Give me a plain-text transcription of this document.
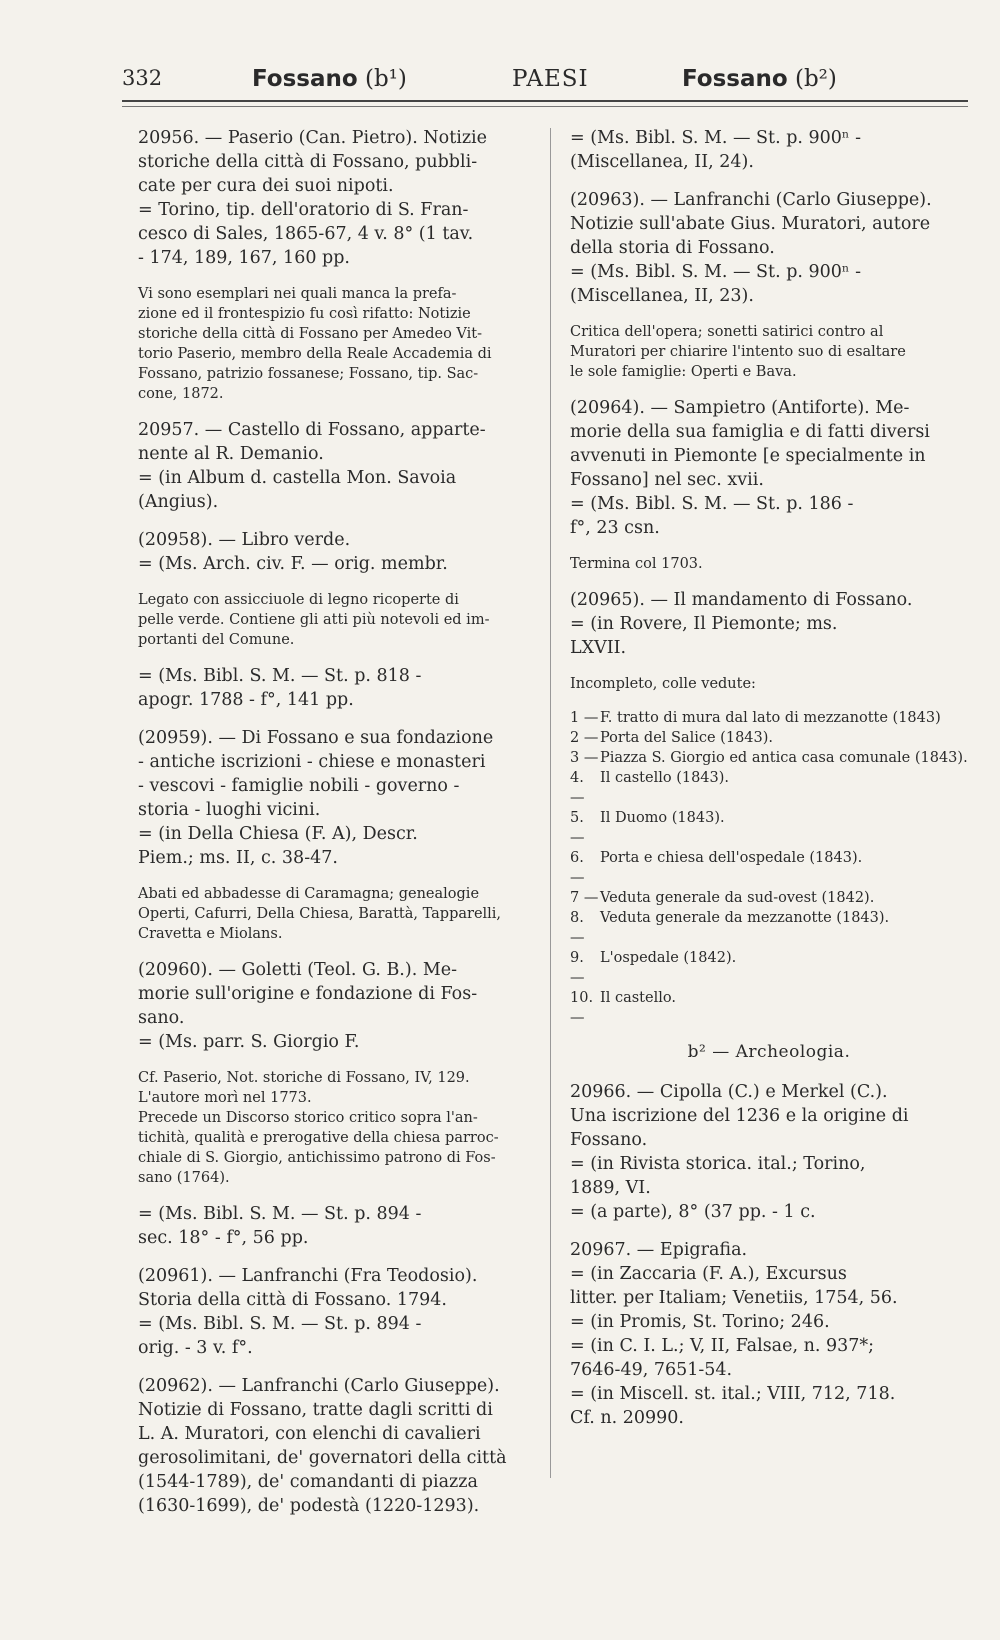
332	Fossano (b¹)	PAESI	Fossano (b²)
20956. — Paserio (Can. Pietro). Notizie
storiche della città di Fossano, pubbli-
cate per cura dei suoi nipoti.
= Torino, tip. dell'oratorio di S. Fran-
cesco di Sales, 1865-67, 4 v. 8° (1 tav.
- 174, 189, 167, 160 pp.
Vi sono esemplari nei quali manca la prefa-
zione ed il frontespizio fu così rifatto: Notizie
storiche della città di Fossano per Amedeo Vit-
torio Paserio, membro della Reale Accademia di
Fossano, patrizio fossanese; Fossano, tip. Sac-
cone, 1872.
20957. — Castello di Fossano, apparte-
nente al R. Demanio.
= (in Album d. castella Mon. Savoia
(Angius).
(20958). — Libro verde.
= (Ms. Arch. civ. F. — orig. membr.
Legato con assicciuole di legno ricoperte di
pelle verde. Contiene gli atti più notevoli ed im-
portanti del Comune.
= (Ms. Bibl. S. M. — St. p. 818 -
apogr. 1788 - f°, 141 pp.
(20959). — Di Fossano e sua fondazione
- antiche iscrizioni - chiese e monasteri
- vescovi - famiglie nobili - governo -
storia - luoghi vicini.
= (in Della Chiesa (F. A), Descr.
Piem.; ms. II, c. 38-47.
Abati ed abbadesse di Caramagna; genealogie
Operti, Cafurri, Della Chiesa, Barattà, Tapparelli,
Cravetta e Miolans.
(20960). — Goletti (Teol. G. B.). Me-
morie sull'origine e fondazione di Fos-
sano.
= (Ms. parr. S. Giorgio F.
Cf. Paserio, Not. storiche di Fossano, IV, 129.
L'autore morì nel 1773.
Precede un Discorso storico critico sopra l'an-
tichità, qualità e prerogative della chiesa parroc-
chiale di S. Giorgio, antichissimo patrono di Fos-
sano (1764).
= (Ms. Bibl. S. M. — St. p. 894 -
sec. 18° - f°, 56 pp.
(20961). — Lanfranchi (Fra Teodosio).
Storia della città di Fossano. 1794.
= (Ms. Bibl. S. M. — St. p. 894 -
orig. - 3 v. f°.
(20962). — Lanfranchi (Carlo Giuseppe).
Notizie di Fossano, tratte dagli scritti di
L. A. Muratori, con elenchi di cavalieri
gerosolimitani, de' governatori della città
(1544-1789), de' comandanti di piazza
(1630-1699), de' podestà (1220-1293).
= (Ms. Bibl. S. M. — St. p. 900ⁿ -
(Miscellanea, II, 24).
(20963). — Lanfranchi (Carlo Giuseppe).
Notizie sull'abate Gius. Muratori, autore
della storia di Fossano.
= (Ms. Bibl. S. M. — St. p. 900ⁿ -
(Miscellanea, II, 23).
Critica dell'opera; sonetti satirici contro al
Muratori per chiarire l'intento suo di esaltare
le sole famiglie: Operti e Bava.
(20964). — Sampietro (Antiforte). Me-
morie della sua famiglia e di fatti diversi
avvenuti in Piemonte [e specialmente in
Fossano] nel sec. xvii.
= (Ms. Bibl. S. M. — St. p. 186 -
f°, 23 csn.
Termina col 1703.
(20965). — Il mandamento di Fossano.
= (in Rovere, Il Piemonte; ms.
LXVII.
Incompleto, colle vedute:
1 — F. tratto di mura dal lato di mezzanotte (1843)
2 — Porta del Salice (1843).
3 — Piazza S. Giorgio ed antica casa comunale (1843).
4. —
Il castello (1843).
5. —
Il Duomo (1843).
6. —
Porta e chiesa dell'ospedale (1843).
7 — Veduta generale da sud-ovest (1842).
8. —
Veduta generale da mezzanotte (1843).
9. —
L'ospedale (1842).
10. —
Il castello.
b² — Archeologia.
20966. — Cipolla (C.) e Merkel (C.).
Una iscrizione del 1236 e la origine di
Fossano.
= (in Rivista storica. ital.; Torino,
1889, VI.
= (a parte), 8° (37 pp. - 1 c.
20967. — Epigrafia.
= (in Zaccaria (F. A.), Excursus
litter. per Italiam; Venetiis, 1754, 56.
= (in Promis, St. Torino; 246.
= (in C. I. L.; V, II, Falsae, n. 937*;
7646-49, 7651-54.
= (in Miscell. st. ital.; VIII, 712, 718.
Cf. n. 20990.
